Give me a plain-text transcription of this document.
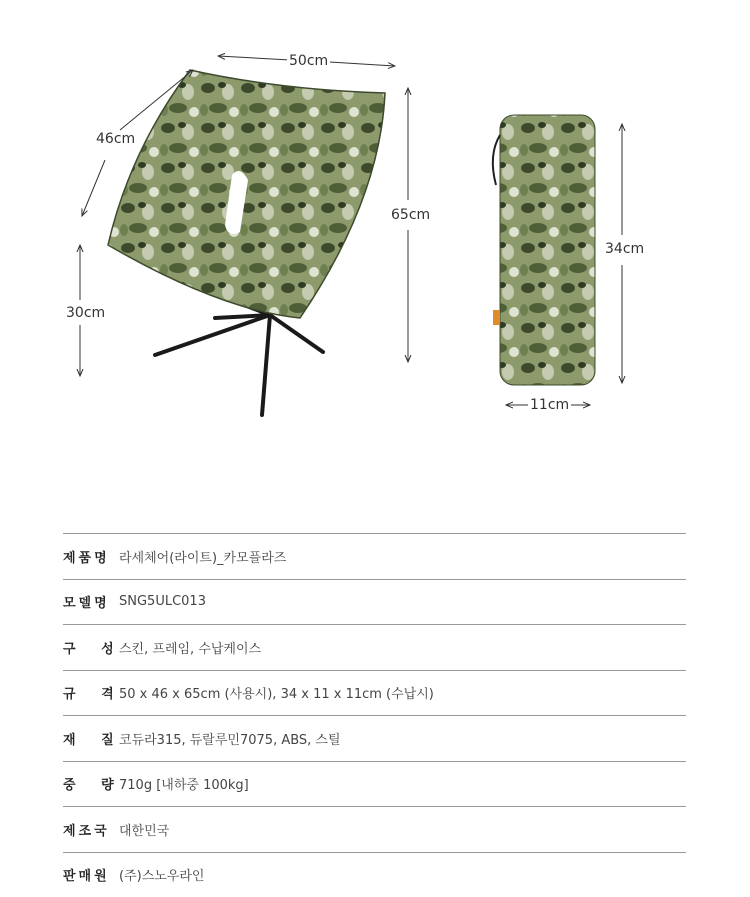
50cm
46cm
30cm
65cm
34cm
11cm
제품명 라세체어(라이트)_카모플라즈
모델명 SNG5ULC013
구   성 스킨, 프레임, 수납케이스
규   격 50 x 46 x 65cm (사용시), 34 x 11 x 11cm (수납시)
재   질 코듀라315, 듀랄루민7075, ABS, 스틸
중   량 710g [내하중 100kg]
제조국 대한민국
판매원 (주)스노우라인
